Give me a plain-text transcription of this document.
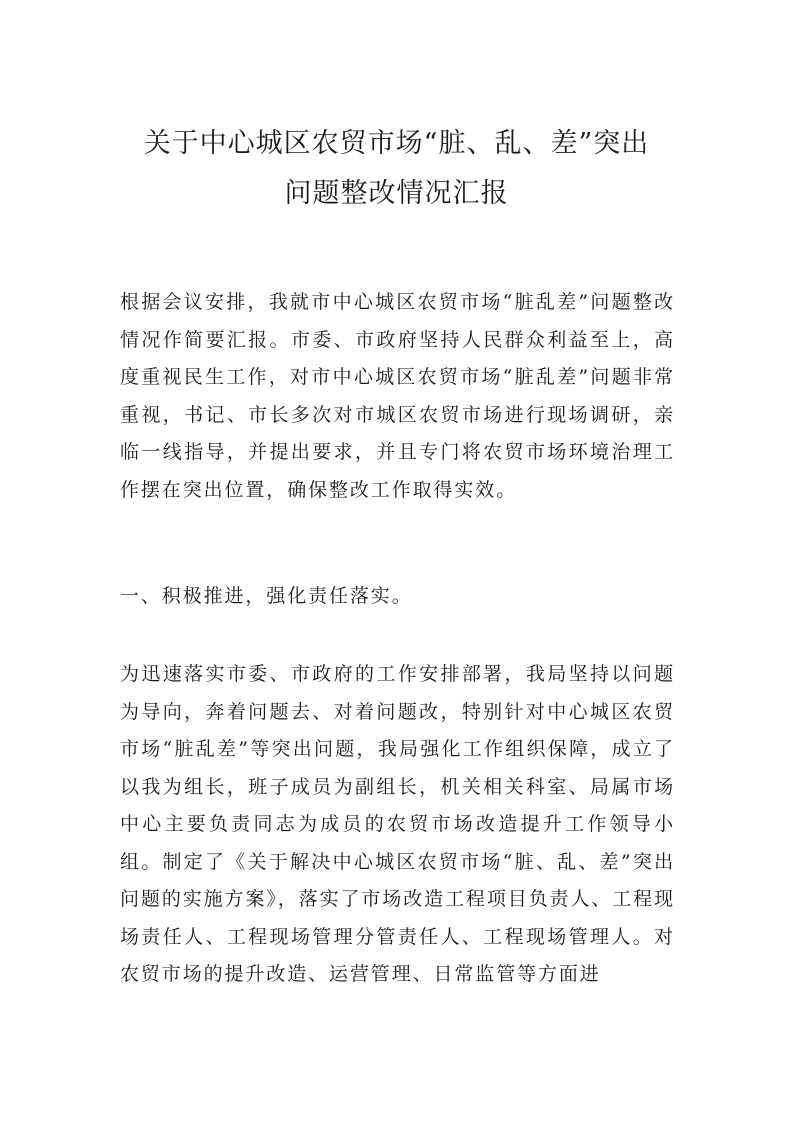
关于中心城区农贸市场“脏、乱、差”突出
问题整改情况汇报

根据会议安排，我就市中心城区农贸市场“脏乱差”问题整改情况作简要汇报。市委、市政府坚持人民群众利益至上，高度重视民生工作，对市中心城区农贸市场“脏乱差”问题非常重视，书记、市长多次对市城区农贸市场进行现场调研，亲临一线指导，并提出要求，并且专门将农贸市场环境治理工作摆在突出位置，确保整改工作取得实效。

一、积极推进，强化责任落实。

为迅速落实市委、市政府的工作安排部署，我局坚持以问题为导向，奔着问题去、对着问题改，特别针对中心城区农贸市场“脏乱差”等突出问题，我局强化工作组织保障，成立了以我为组长，班子成员为副组长，机关相关科室、局属市场中心主要负责同志为成员的农贸市场改造提升工作领导小组。制定了《关于解决中心城区农贸市场“脏、乱、差”突出问题的实施方案》，落实了市场改造工程项目负责人、工程现场责任人、工程现场管理分管责任人、工程现场管理人。对农贸市场的提升改造、运营管理、日常监管等方面进
